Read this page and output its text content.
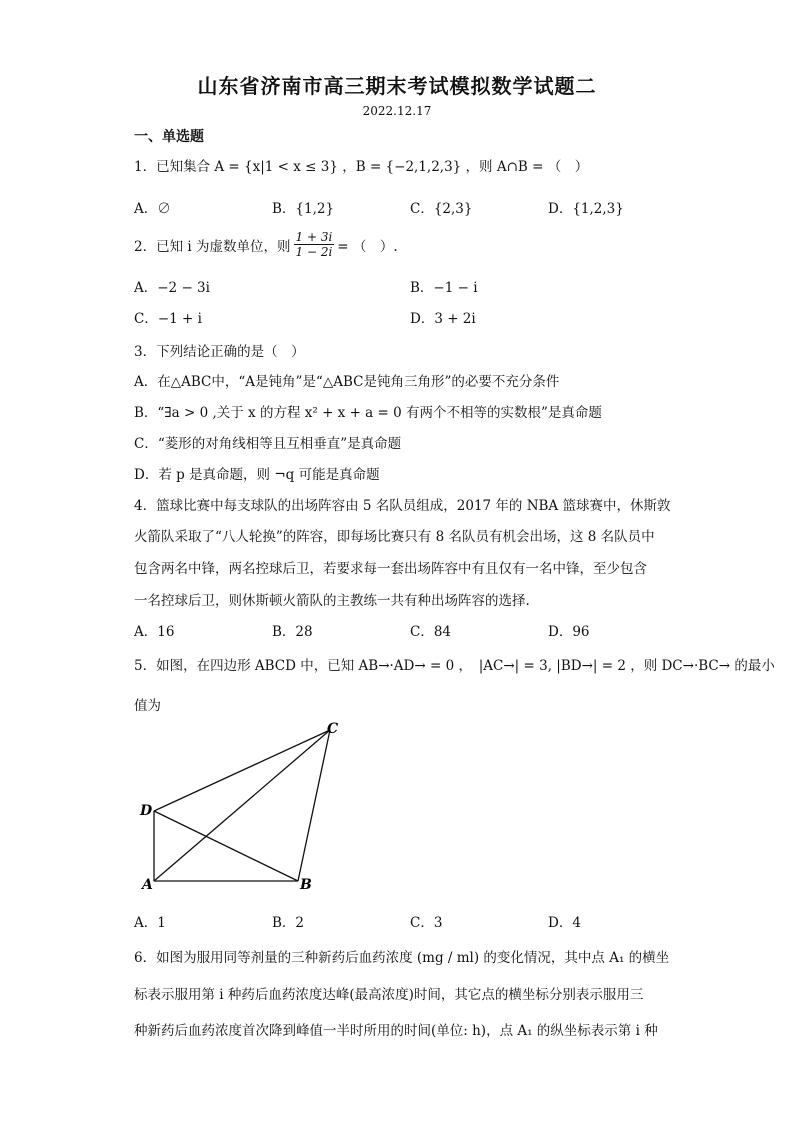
山东省济南市高三期末考试模拟数学试题二
2022.12.17
一、单选题
1．已知集合 A = {x|1 < x ≤ 3} ，B = {−2,1,2,3} ，则 A∩B = （　）
A．∅	B．{1,2}	C．{2,3}	D．{1,2,3}
2．已知 i 为虚数单位，则 $\frac{1 + 3i}{1 - 2i}$ = （　）.
A．−2 − 3i	B．−1 − i
C．−1 + i	D．3 + 2i
3．下列结论正确的是（　）
A．在△ABC中，“A是钝角”是“△ABC是钝角三角形”的必要不充分条件
B．“∃a > 0 ,关于 x 的方程 x² + x + a = 0 有两个不相等的实数根”是真命题
C．“菱形的对角线相等且互相垂直”是真命题
D．若 p 是真命题，则 ¬q 可能是真命题
4．篮球比赛中每支球队的出场阵容由 5 名队员组成，2017 年的 NBA 篮球赛中，休斯敦
火箭队采取了“八人轮换”的阵容，即每场比赛只有 8 名队员有机会出场，这 8 名队员中
包含两名中锋，两名控球后卫，若要求每一套出场阵容中有且仅有一名中锋，至少包含
一名控球后卫，则休斯顿火箭队的主教练一共有种出场阵容的选择.
A．16	B．28	C．84	D．96
5．如图，在四边形 ABCD 中，已知 AB→·AD→ = 0 ，　|AC→| = 3, |BD→| = 2 ，则 DC→·BC→ 的最小
值为
A	B
C
D
A．1	B．2	C．3	D．4
6．如图为服用同等剂量的三种新药后血药浓度 (mg / ml) 的变化情况，其中点 A₁ 的横坐
标表示服用第 i 种药后血药浓度达峰(最高浓度)时间，其它点的横坐标分别表示服用三
种新药后血药浓度首次降到峰值一半时所用的时间(单位: h)，点 A₁ 的纵坐标表示第 i 种
